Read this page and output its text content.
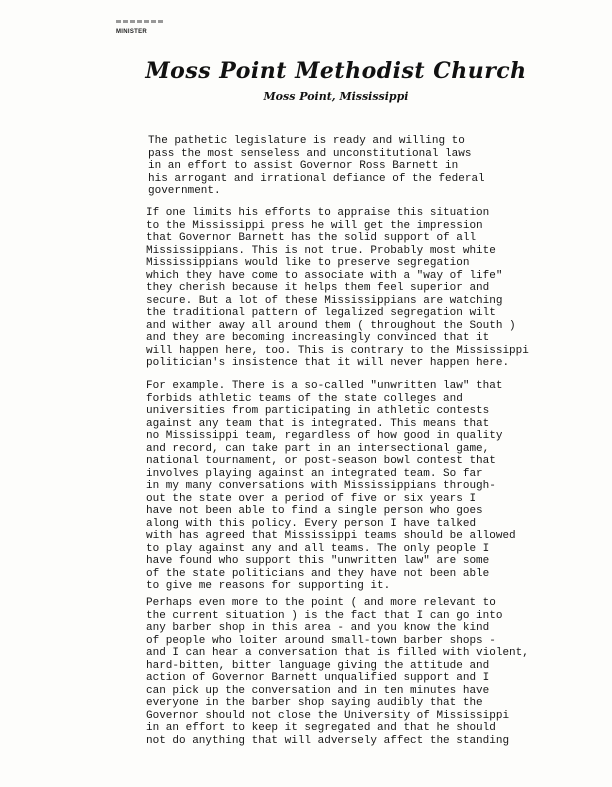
MINISTER
Moss Point Methodist Church
Moss Point, Mississippi
The pathetic legislature is ready and willing to
pass the most senseless and unconstitutional laws
in an effort to assist Governor Ross Barnett in
his arrogant and irrational defiance of the federal
government.
If one limits his efforts to appraise this situation
to the Mississippi press he will get the impression
that Governor Barnett has the solid support of all
Mississippians. This is not true. Probably most white
Mississippians would like to preserve segregation
which they have come to associate with a "way of life"
they cherish because it helps them feel superior and
secure. But a lot of these Mississippians are watching
the traditional pattern of legalized segregation wilt
and wither away all around them ( throughout the South )
and they are becoming increasingly convinced that it
will happen here, too. This is contrary to the Mississippi
politician's insistence that it will never happen here.
For example. There is a so-called "unwritten law" that
forbids athletic teams of the state colleges and
universities from participating in athletic contests
against any team that is integrated. This means that
no Mississippi team, regardless of how good in quality
and record, can take part in an intersectional game,
national tournament, or post-season bowl contest that
involves playing against an integrated team. So far
in my many conversations with Mississippians through-
out the state over a period of five or six years I
have not been able to find a single person who goes
along with this policy. Every person I have talked
with has agreed that Mississippi teams should be allowed
to play against any and all teams. The only people I
have found who support this "unwritten law" are some
of the state politicians and they have not been able
to give me reasons for supporting it.
Perhaps even more to the point ( and more relevant to
the current situation ) is the fact that I can go into
any barber shop in this area - and you know the kind
of people who loiter around small-town barber shops -
and I can hear a conversation that is filled with violent,
hard-bitten, bitter language giving the attitude and
action of Governor Barnett unqualified support and I
can pick up the conversation and in ten minutes have
everyone in the barber shop saying audibly that the
Governor should not close the University of Mississippi
in an effort to keep it segregated and that he should
not do anything that will adversely affect the standing
